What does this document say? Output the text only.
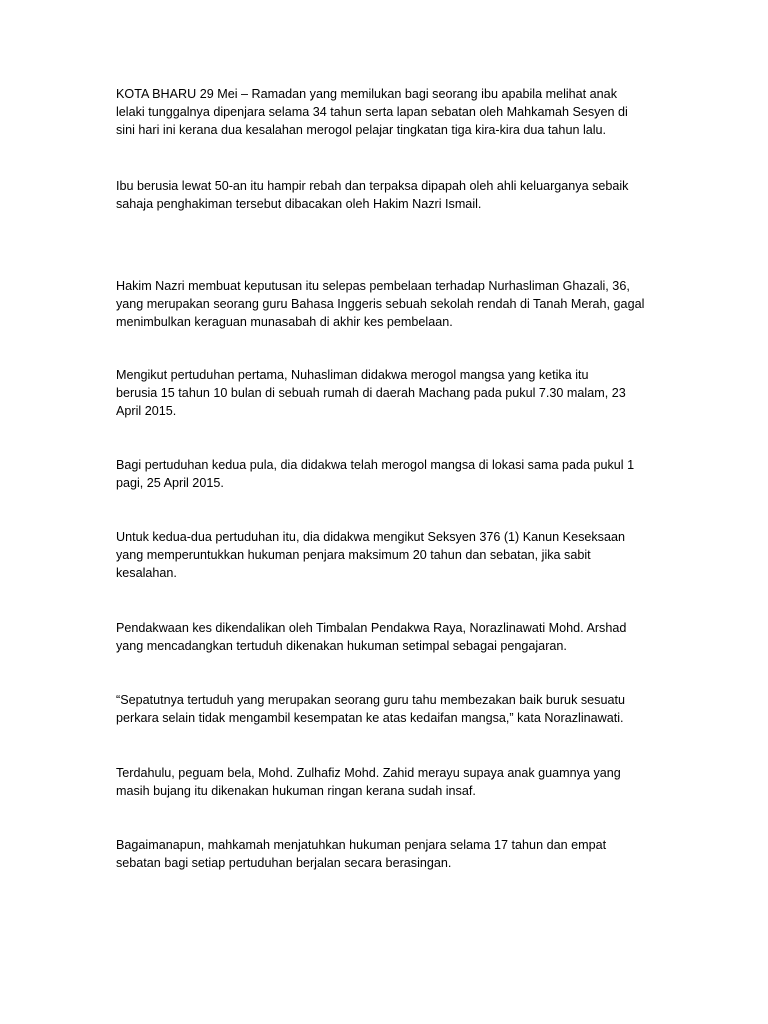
KOTA BHARU 29 Mei – Ramadan yang memilukan bagi seorang ibu apabila melihat anak
lelaki tunggalnya dipenjara selama 34 tahun serta lapan sebatan oleh Mahkamah Sesyen di
sini hari ini kerana dua kesalahan merogol pelajar tingkatan tiga kira-kira dua tahun lalu.

Ibu berusia lewat 50-an itu hampir rebah dan terpaksa dipapah oleh ahli keluarganya sebaik
sahaja penghakiman tersebut dibacakan oleh Hakim Nazri Ismail.

Hakim Nazri membuat keputusan itu selepas pembelaan terhadap Nurhasliman Ghazali, 36,
yang merupakan seorang guru Bahasa Inggeris sebuah sekolah rendah di Tanah Merah, gagal
menimbulkan keraguan munasabah di akhir kes pembelaan.

Mengikut pertuduhan pertama, Nuhasliman didakwa merogol mangsa yang ketika itu
berusia 15 tahun 10 bulan di sebuah rumah di daerah Machang pada pukul 7.30 malam, 23
April 2015.

Bagi pertuduhan kedua pula, dia didakwa telah merogol mangsa di lokasi sama pada pukul 1
pagi, 25 April 2015.

Untuk kedua-dua pertuduhan itu, dia didakwa mengikut Seksyen 376 (1) Kanun Keseksaan
yang memperuntukkan hukuman penjara maksimum 20 tahun dan sebatan, jika sabit
kesalahan.

Pendakwaan kes dikendalikan oleh Timbalan Pendakwa Raya, Norazlinawati Mohd. Arshad
yang mencadangkan tertuduh dikenakan hukuman setimpal sebagai pengajaran.

“Sepatutnya tertuduh yang merupakan seorang guru tahu membezakan baik buruk sesuatu
perkara selain tidak mengambil kesempatan ke atas kedaifan mangsa,” kata Norazlinawati.

Terdahulu, peguam bela, Mohd. Zulhafiz Mohd. Zahid merayu supaya anak guamnya yang
masih bujang itu dikenakan hukuman ringan kerana sudah insaf.

Bagaimanapun, mahkamah menjatuhkan hukuman penjara selama 17 tahun dan empat
sebatan bagi setiap pertuduhan berjalan secara berasingan.
